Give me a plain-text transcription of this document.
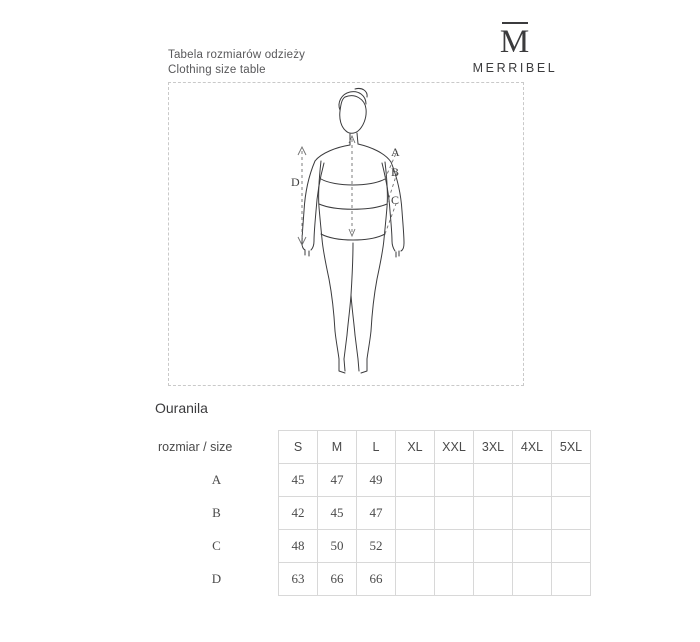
Tabela rozmiarów odzieży
Clothing size table
M
MERRIBEL
A
B
C
D
Ouranila
rozmiar / size	S	M	L	XL	XXL	3XL	4XL	5XL
A	45	47	49					
B	42	45	47					
C	48	50	52					
D	63	66	66					
